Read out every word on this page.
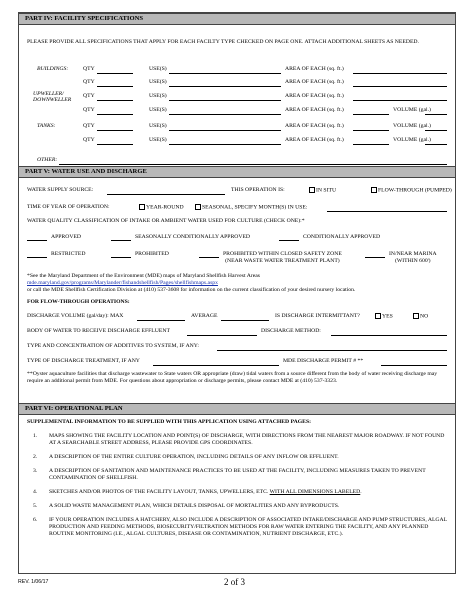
PART IV: FACILITY SPECIFICATIONS
PLEASE PROVIDE ALL SPECIFICATIONS THAT APPLY FOR EACH FACILTY TYPE CHECKED ON PAGE ONE. ATTACH ADDITIONAL SHEETS AS NEEDED.
BUILDINGS:	QTY	USE(S)	AREA OF EACH (sq. ft.)
QTY	USE(S)	AREA OF EACH (sq. ft.)
UPWELLER/ DOWNWELLER
QTY	USE(S)	AREA OF EACH (sq. ft.)
QTY	USE(S)	AREA OF EACH (sq. ft.)	VOLUME (gal.)
TANKS:	QTY	USE(S)	AREA OF EACH (sq. ft.)	VOLUME (gal.)
QTY	USE(S)	AREA OF EACH (sq. ft.)	VOLUME (gal.)
OTHER:
PART V: WATER USE AND DISCHARGE
WATER SUPPLY SOURCE:	THIS OPERATION IS:	IN SITU	FLOW-THROUGH (PUMPED)
TIME OF YEAR OF OPERATION:	YEAR-ROUND	SEASONAL, SPECIFY MONTH(S) IN USE:
WATER QUALITY CLASSIFICATION OF INTAKE OR AMBIENT WATER USED FOR CULTURE (CHECK ONE):*
APPROVED	SEASONALLY CONDITIONALLY APPROVED	CONDITIONALLY APPROVED
RESTRICTED	PROHIBITED	PROHIBITED WITHIN CLOSED SAFETY ZONE
(NEAR WASTE WATER TREATMENT PLANT)
IN/NEAR MARINA
(WITHIN 600')
*See the Maryland Department of the Environment (MDE) maps of Maryland Shellfish Harvest Areas
mde.maryland.gov/programs/Marylander/fishandshellfish/Pages/shellfishmaps.aspx
or call the MDE Shellfish Certification Division at (410) 537-3608 for information on the current classification of your desired nursery location.
FOR FLOW-THROUGH OPERATIONS:
DISCHARGE VOLUME (gal/day): MAX	AVERAGE	IS DISCHARGE INTERMITTANT?	YES	NO
BODY OF WATER TO RECEIVE DISCHARGE EFFLUENT	DISCHARGE METHOD:
TYPE AND CONCENTRATION OF ADDITIVES TO SYSTEM, IF ANY:
TYPE OF DISCHARGE TREATMENT, IF ANY	MDE DISCHARGE PERMIT # **
**Oyster aquaculture facilities that discharge wastewater to State waters OR appropriate (draw) tidal waters from a source different from the body of water receiving discharge may require an additional permit from MDE. For questions about appropriation or discharge permits, please contact MDE at (410) 537-3323.
PART VI: OPERATIONAL PLAN
SUPPLEMENTAL INFORMATION TO BE SUPPLIED WITH THIS APPLICATION USING ATTACHED PAGES:
1. MAPS SHOWING THE FACILITY LOCATION AND POINT(S) OF DISCHARGE, WITH DIRECTIONS FROM THE NEAREST MAJOR ROADWAY. IF NOT FOUND AT A SEARCHABLE STREET ADDRESS, PLEASE PROVIDE GPS COORDINATES.
2. A DESCRIPTION OF THE ENTIRE CULTURE OPERATION, INCLUDING DETAILS OF ANY INFLOW OR EFFLUENT.
3. A DESCRIPTION OF SANITATION AND MAINTENANCE PRACTICES TO BE USED AT THE FACILITY, INCLUDING MEASURES TAKEN TO PREVENT CONTAMINATION OF SHELLFISH.
4. SKETCHES AND/OR PHOTOS OF THE FACILITY LAYOUT, TANKS, UPWELLERS, ETC. WITH ALL DIMENSIONS LABELED.
5. A SOLID WASTE MANAGEMENT PLAN, WHICH DETAILS DISPOSAL OF MORTALITIES AND ANY BYPRODUCTS.
6. IF YOUR OPERATION INCLUDES A HATCHERY, ALSO INCLUDE A DESCRIPTION OF ASSOCIATED INTAKE/DISCHARGE AND PUMP STRUCTURES, ALGAL PRODUCTION AND FEEDING METHODS, BIOSECURITY/FILTRATION METHODS FOR RAW WATER ENTERING THE FACILITY, AND ANY PLANNED ROUTINE MONITORING (I.E., ALGAL CULTURES, DISEASE OR CONTAMINATION, NUTRIENT DISCHARGE, ETC.).
REV. 1/06/17	2 of 3
